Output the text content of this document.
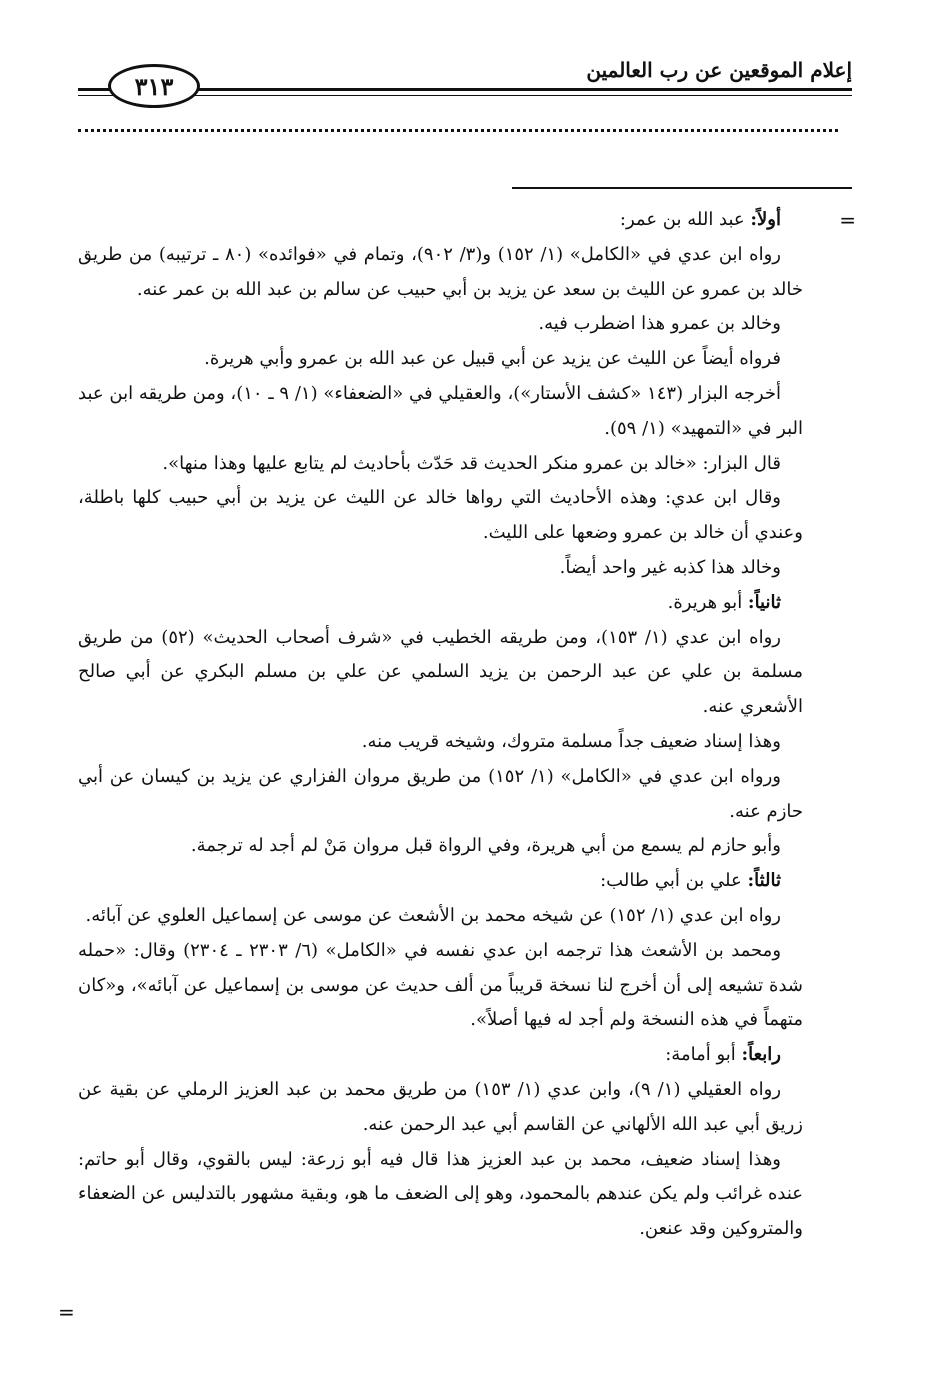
إعلام الموقعين عن رب العالمين
٣١٣
=
=

أولاً: عبد الله بن عمر:

رواه ابن عدي في «الكامل» (١/ ١٥٢) و(٣/ ٩٠٢)، وتمام في «فوائده» (٨٠ ـ ترتيبه) من طريق خالد بن عمرو عن الليث بن سعد عن يزيد بن أبي حبيب عن سالم بن عبد الله بن عمر عنه.

وخالد بن عمرو هذا اضطرب فيه.

فرواه أيضاً عن الليث عن يزيد عن أبي قبيل عن عبد الله بن عمرو وأبي هريرة.

أخرجه البزار (١٤٣ «كشف الأستار»)، والعقيلي في «الضعفاء» (١/ ٩ ـ ١٠)، ومن طريقه ابن عبد البر في «التمهيد» (١/ ٥٩).

قال البزار: «خالد بن عمرو منكر الحديث قد حَدّث بأحاديث لم يتابع عليها وهذا منها».

وقال ابن عدي: وهذه الأحاديث التي رواها خالد عن الليث عن يزيد بن أبي حبيب كلها باطلة، وعندي أن خالد بن عمرو وضعها على الليث.

وخالد هذا كذبه غير واحد أيضاً.

ثانياً: أبو هريرة.

رواه ابن عدي (١/ ١٥٣)، ومن طريقه الخطيب في «شرف أصحاب الحديث» (٥٢) من طريق مسلمة بن علي عن عبد الرحمن بن يزيد السلمي عن علي بن مسلم البكري عن أبي صالح الأشعري عنه.

وهذا إسناد ضعيف جداً مسلمة متروك، وشيخه قريب منه.

ورواه ابن عدي في «الكامل» (١/ ١٥٢) من طريق مروان الفزاري عن يزيد بن كيسان عن أبي حازم عنه.

وأبو حازم لم يسمع من أبي هريرة، وفي الرواة قبل مروان مَنْ لم أجد له ترجمة.

ثالثاً: علي بن أبي طالب:

رواه ابن عدي (١/ ١٥٢) عن شيخه محمد بن الأشعث عن موسى عن إسماعيل العلوي عن آبائه.

ومحمد بن الأشعث هذا ترجمه ابن عدي نفسه في «الكامل» (٦/ ٢٣٠٣ ـ ٢٣٠٤) وقال: «حمله شدة تشيعه إلى أن أخرج لنا نسخة قريباً من ألف حديث عن موسى بن إسماعيل عن آبائه»، و«كان متهماً في هذه النسخة ولم أجد له فيها أصلاً».

رابعاً: أبو أمامة:

رواه العقيلي (١/ ٩)، وابن عدي (١/ ١٥٣) من طريق محمد بن عبد العزيز الرملي عن بقية عن زريق أبي عبد الله الألهاني عن القاسم أبي عبد الرحمن عنه.

وهذا إسناد ضعيف، محمد بن عبد العزيز هذا قال فيه أبو زرعة: ليس بالقوي، وقال أبو حاتم: عنده غرائب ولم يكن عندهم بالمحمود، وهو إلى الضعف ما هو، وبقية مشهور بالتدليس عن الضعفاء والمتروكين وقد عنعن.
